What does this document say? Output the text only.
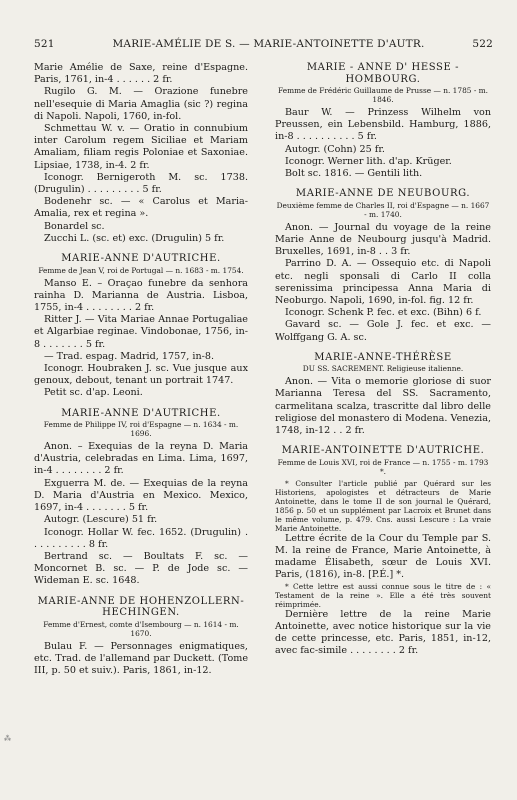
521	MARIE-AMÉLIE DE S. — MARIE-ANTOINETTE D'AUTR.	522

Marie Amélie de Saxe, reine d'Espagne. Paris, 1761, in-4 . . . . . . 2 fr.

Rugilo G. M. — Orazione funebre nell'esequie di Maria Amaglia (sic ?) regina di Napoli. Napoli, 1760, in-fol.

Schmettau W. v. — Oratio in connubium inter Carolum regem Siciliae et Mariam Amaliam, filiam regis Poloniae et Saxoniae. Lipsiae, 1738, in-4. 2 fr.

Iconogr. Bernigeroth M. sc. 1738. (Drugulin) . . . . . . . . . 5 fr.

Bodenehr sc. — « Carolus et Maria-Amalia, rex et regina ».

Bonardel sc.

Zucchi L. (sc. et) exc. (Drugulin) 5 fr.

MARIE-ANNE D'AUTRICHE.
Femme de Jean V, roi de Portugal — n. 1683 - m. 1754.

Manso E. – Oraçao funebre da senhora rainha D. Marianna de Austria. Lisboa, 1755, in-4 . . . . . . . . 2 fr.

Ritter J. — Vita Mariae Annae Portugaliae et Algarbiae reginae. Vindobonae, 1756, in-8 . . . . . . . 5 fr.

— Trad. espag. Madrid, 1757, in-8.

Iconogr. Houbraken J. sc. Vue jusque aux genoux, debout, tenant un portrait 1747.

Petit sc. d'ap. Leoni.

MARIE-ANNE D'AUTRICHE.
Femme de Philippe IV, roi d'Espagne — n. 1634 - m. 1696.

Anon. – Exequias de la reyna D. Maria d'Austria, celebradas en Lima. Lima, 1697, in-4 . . . . . . . . 2 fr.

Exguerra M. de. — Exequias de la reyna D. Maria d'Austria en Mexico. Mexico, 1697, in-4 . . . . . . . 5 fr.

Autogr. (Lescure) 51 fr.

Iconogr. Hollar W. fec. 1652. (Drugulin) . . . . . . . . . . 8 fr.

Bertrand sc. — Boultats F. sc. — Moncornet B. sc. — P. de Jode sc. — Wideman E. sc. 1648.

MARIE-ANNE DE HOHENZOLLERN-HECHINGEN.
Femme d'Ernest, comte d'Isembourg — n. 1614 - m. 1670.

Bulau F. — Personnages enigmatiques, etc. Trad. de l'allemand par Duckett. (Tome III, p. 50 et suiv.). Paris, 1861, in-12.

MARIE - ANNE D' HESSE - HOMBOURG.
Femme de Frédéric Guillaume de Prusse — n. 1785 - m. 1846.

Baur W. — Prinzess Wilhelm von Preussen, ein Lebensbild. Hamburg, 1886, in-8 . . . . . . . . . . 5 fr.

Autogr. (Cohn) 25 fr.

Iconogr. Werner lith. d'ap. Krüger.

Bolt sc. 1816. — Gentili lith.

MARIE-ANNE DE NEUBOURG.
Deuxième femme de Charles II, roi d'Espagne — n. 1667 - m. 1740.

Anon. — Journal du voyage de la reine Marie Anne de Neubourg jusqu'à Madrid. Bruxelles, 1691, in-8 . . 3 fr.

Parrino D. A. — Ossequio etc. di Napoli etc. negli sponsali di Carlo II colla serenissima principessa Anna Maria di Neoburgo. Napoli, 1690, in-fol. fig. 12 fr.

Iconogr. Schenk P. fec. et exc. (Bihn) 6 f.

Gavard sc. — Gole J. fec. et exc. — Wolffgang G. A. sc.

MARIE-ANNE-THÉRÈSE
DU SS. SACREMENT. Religieuse italienne.

Anon. — Vita o memorie gloriose di suor Marianna Teresa del SS. Sacramento, carmelitana scalza, trascritte dal libro delle religiose del monastero di Modena. Venezia, 1748, in-12 . . 2 fr.

MARIE-ANTOINETTE D'AUTRICHE.
Femme de Louis XVI, roi de France — n. 1755 - m. 1793 *.

* Consulter l'article publié par Quérard sur les Historiens, apologistes et détracteurs de Marie Antoinette, dans le tome II de son journal le Quérard, 1856 p. 50 et un supplément par Lacroix et Brunet dans le même volume, p. 479. Cns. aussi Lescure : La vraie Marie Antoinette.

Lettre écrite de la Cour du Temple par S. M. la reine de France, Marie Antoinette, à madame Élisabeth, sœur de Louis XVI. Paris, (1816), in-8. [P.É.] *.

* Cette lettre est aussi connue sous le titre de : « Testament de la reine ». Elle a été très souvent réimprimée.

Dernière lettre de la reine Marie Antoinette, avec notice historique sur la vie de cette princesse, etc. Paris, 1851, in-12, avec fac-simile . . . . . . . . 2 fr.

⁂
